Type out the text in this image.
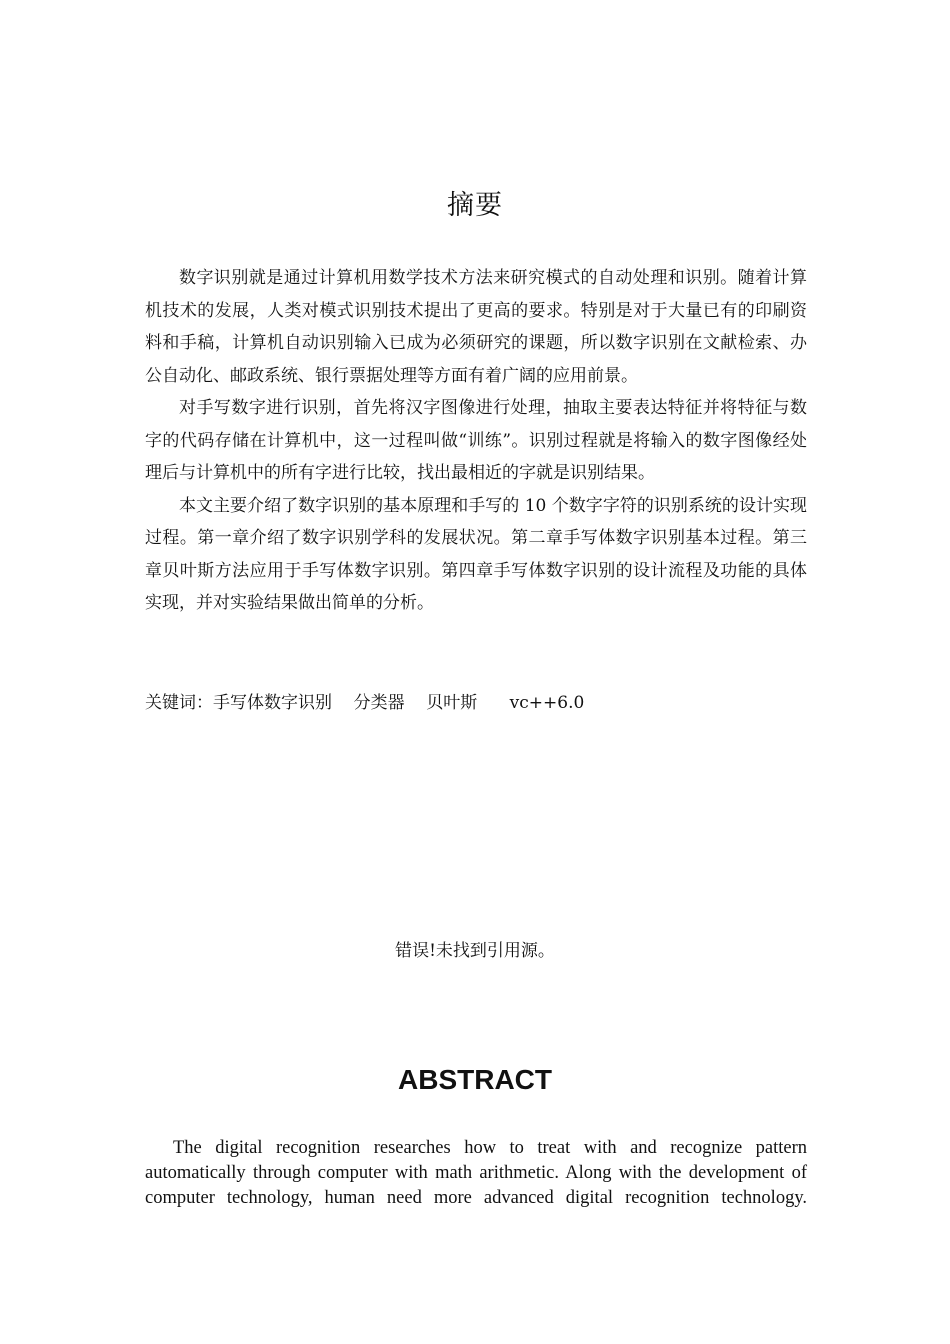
摘要

数字识别就是通过计算机用数学技术方法来研究模式的自动处理和识别。随着计算机技术的发展，人类对模式识别技术提出了更高的要求。特别是对于大量已有的印刷资料和手稿，计算机自动识别输入已成为必须研究的课题，所以数字识别在文献检索、办公自动化、邮政系统、银行票据处理等方面有着广阔的应用前景。

对手写数字进行识别，首先将汉字图像进行处理，抽取主要表达特征并将特征与数字的代码存储在计算机中，这一过程叫做“训练”。识别过程就是将输入的数字图像经处理后与计算机中的所有字进行比较，找出最相近的字就是识别结果。

本文主要介绍了数字识别的基本原理和手写的 10 个数字字符的识别系统的设计实现过程。第一章介绍了数字识别学科的发展状况。第二章手写体数字识别基本过程。第三章贝叶斯方法应用于手写体数字识别。第四章手写体数字识别的设计流程及功能的具体实现，并对实验结果做出简单的分析。

关键词：手写体数字识别    分类器    贝叶斯      vc++6.0
错误!未找到引用源。
ABSTRACT

The digital recognition researches how to treat with and recognize pattern automatically through computer with math arithmetic. Along with the development of computer technology, human need more advanced digital recognition technology.
